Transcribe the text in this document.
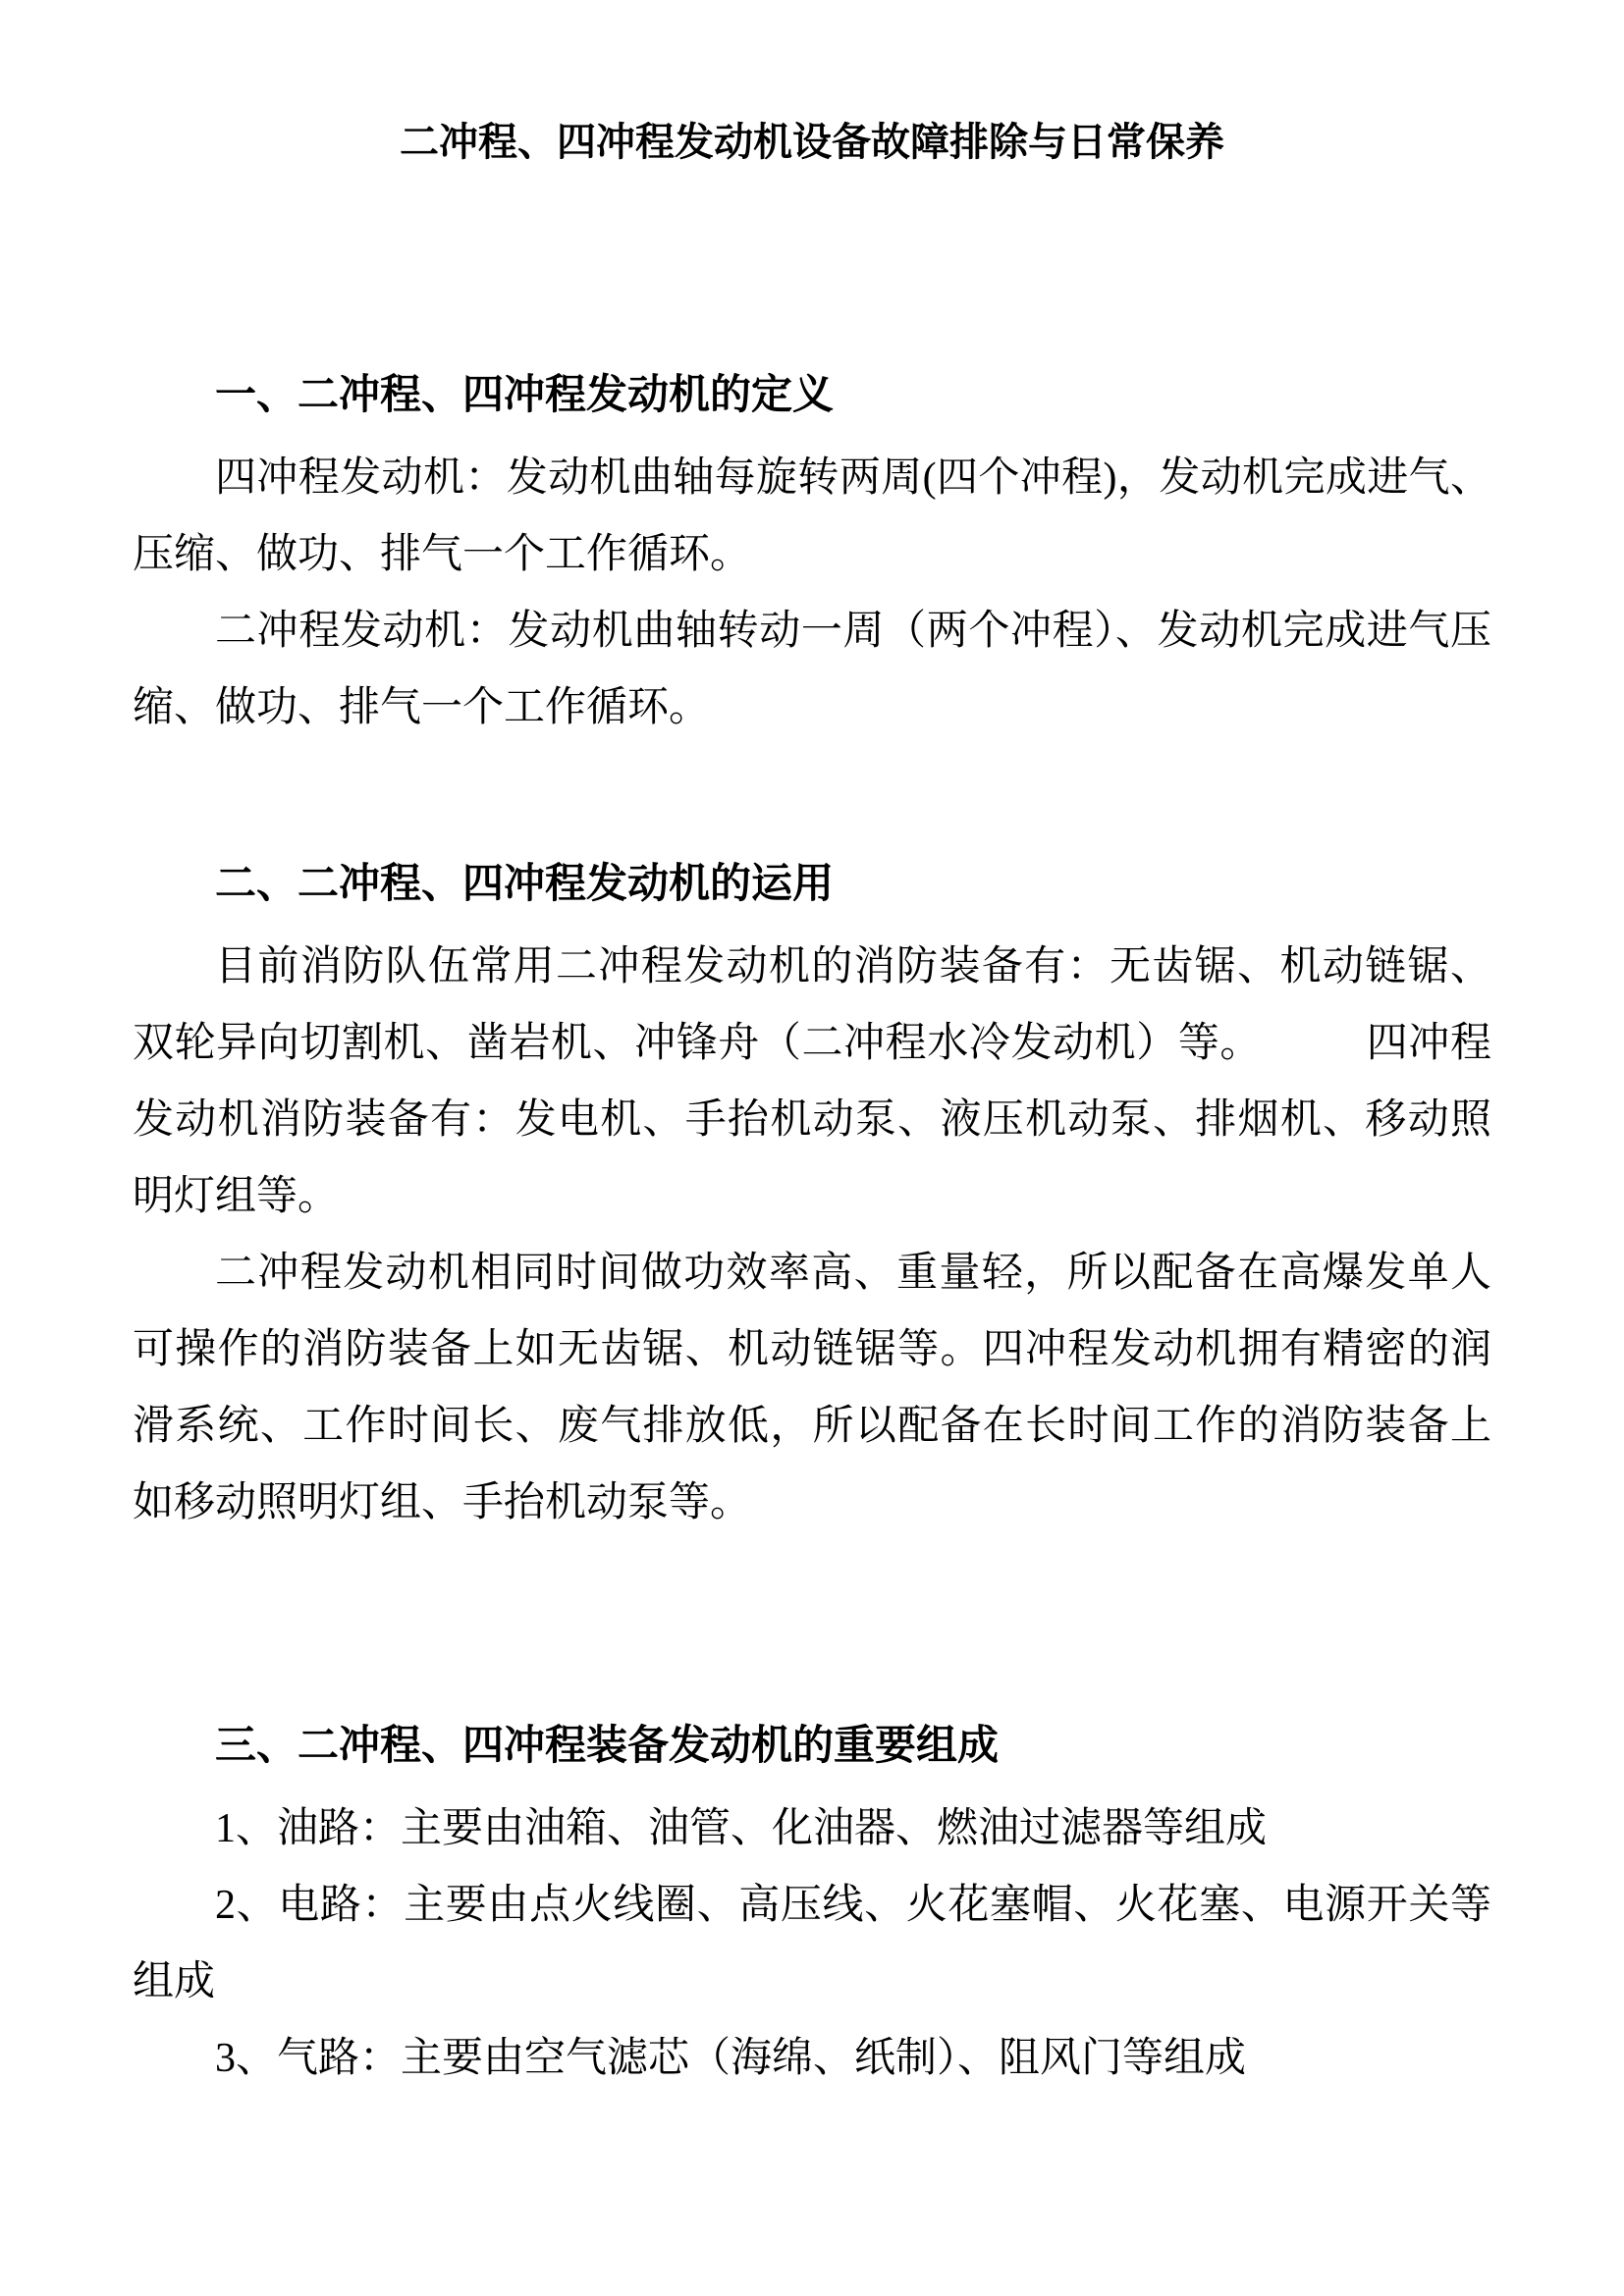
二冲程、四冲程发动机设备故障排除与日常保养
一、二冲程、四冲程发动机的定义

四冲程发动机：发动机曲轴每旋转两周(四个冲程)，发动机完成进气、压缩、做功、排气一个工作循环。

二冲程发动机：发动机曲轴转动一周（两个冲程）、发动机完成进气压缩、做功、排气一个工作循环。

二、二冲程、四冲程发动机的运用

目前消防队伍常用二冲程发动机的消防装备有：无齿锯、机动链锯、双轮异向切割机、凿岩机、冲锋舟（二冲程水冷发动机）等。　　　四冲程发动机消防装备有：发电机、手抬机动泵、液压机动泵、排烟机、移动照明灯组等。

二冲程发动机相同时间做功效率高、重量轻，所以配备在高爆发单人可操作的消防装备上如无齿锯、机动链锯等。四冲程发动机拥有精密的润滑系统、工作时间长、废气排放低，所以配备在长时间工作的消防装备上如移动照明灯组、手抬机动泵等。

三、二冲程、四冲程装备发动机的重要组成

1、油路：主要由油箱、油管、化油器、燃油过滤器等组成

2、电路：主要由点火线圈、高压线、火花塞帽、火花塞、电源开关等组成

3、气路：主要由空气滤芯（海绵、纸制）、阻风门等组成
